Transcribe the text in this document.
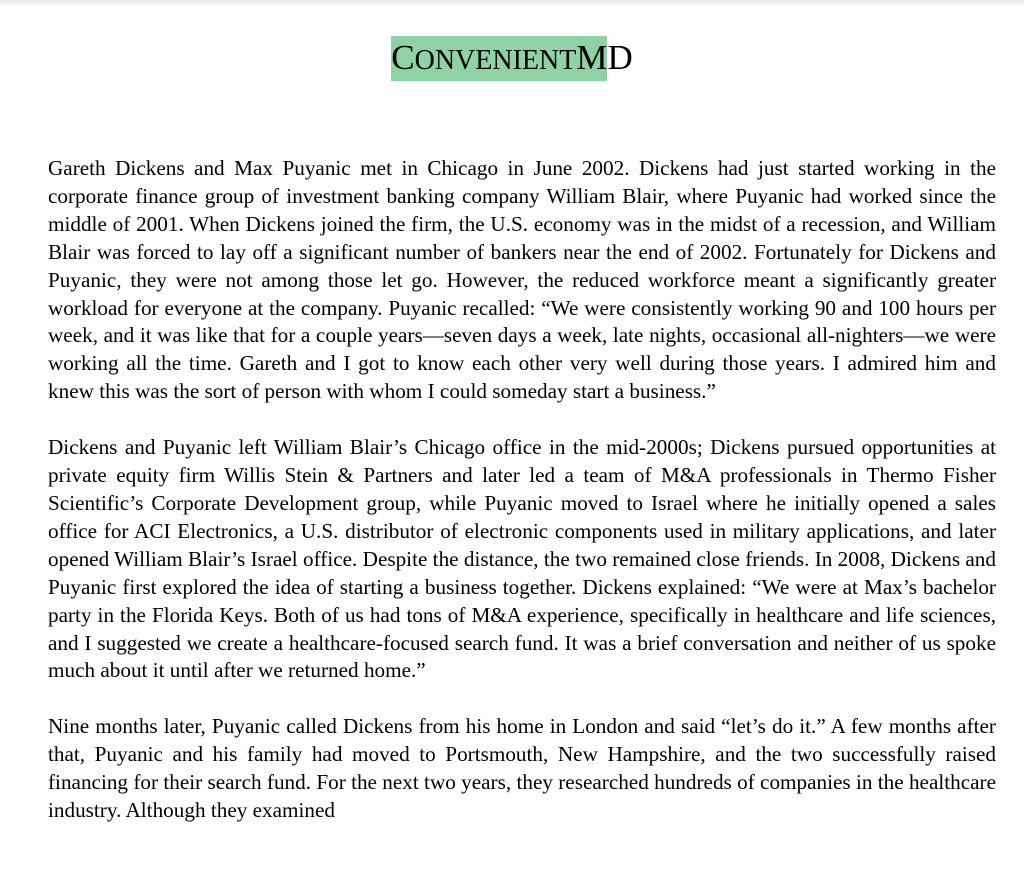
CONVENIENTMD

Gareth Dickens and Max Puyanic met in Chicago in June 2002. Dickens had just started working in the corporate finance group of investment banking company William Blair, where Puyanic had worked since the middle of 2001. When Dickens joined the firm, the U.S. economy was in the midst of a recession, and William Blair was forced to lay off a significant number of bankers near the end of 2002. Fortunately for Dickens and Puyanic, they were not among those let go. However, the reduced workforce meant a significantly greater workload for everyone at the company. Puyanic recalled: “We were consistently working 90 and 100 hours per week, and it was like that for a couple years—seven days a week, late nights, occasional all-nighters—we were working all the time. Gareth and I got to know each other very well during those years. I admired him and knew this was the sort of person with whom I could someday start a business.”

Dickens and Puyanic left William Blair’s Chicago office in the mid-2000s; Dickens pursued opportunities at private equity firm Willis Stein & Partners and later led a team of M&A professionals in Thermo Fisher Scientific’s Corporate Development group, while Puyanic moved to Israel where he initially opened a sales office for ACI Electronics, a U.S. distributor of electronic components used in military applications, and later opened William Blair’s Israel office. Despite the distance, the two remained close friends. In 2008, Dickens and Puyanic first explored the idea of starting a business together. Dickens explained: “We were at Max’s bachelor party in the Florida Keys. Both of us had tons of M&A experience, specifically in healthcare and life sciences, and I suggested we create a healthcare-focused search fund. It was a brief conversation and neither of us spoke much about it until after we returned home.”

Nine months later, Puyanic called Dickens from his home in London and said “let’s do it.” A few months after that, Puyanic and his family had moved to Portsmouth, New Hampshire, and the two successfully raised financing for their search fund. For the next two years, they researched hundreds of companies in the healthcare industry. Although they examined
